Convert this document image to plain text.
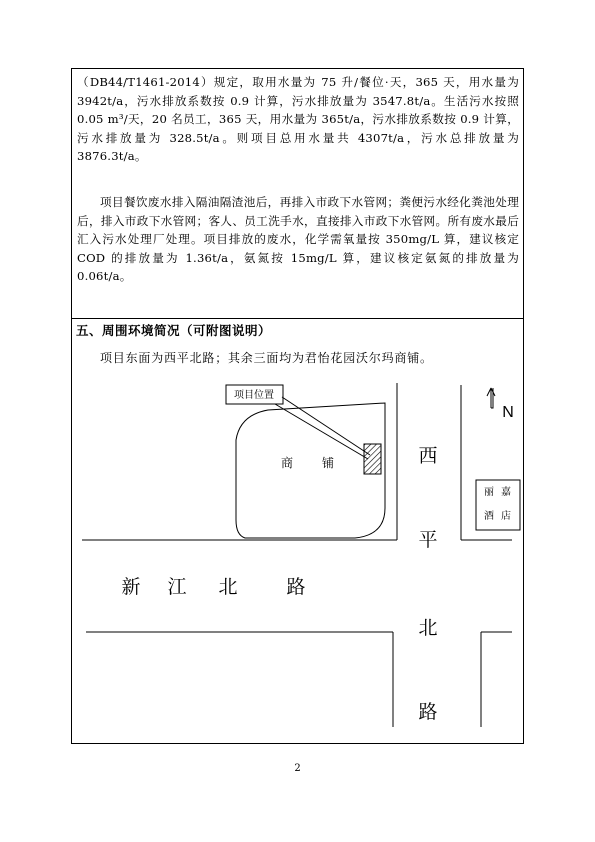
（DB44/T1461-2014）规定，取用水量为 75 升/餐位·天，365 天，用水量为 3942t/a，污水排放系数按 0.9 计算，污水排放量为 3547.8t/a。生活污水按照 0.05 m³/天，20 名员工，365 天，用水量为 365t/a，污水排放系数按 0.9 计算，污水排放量为 328.5t/a。则项目总用水量共 4307t/a，污水总排放量为 3876.3t/a。
项目餐饮废水排入隔油隔渣池后，再排入市政下水管网；粪便污水经化粪池处理后，排入市政下水管网；客人、员工洗手水，直接排入市政下水管网。所有废水最后汇入污水处理厂处理。项目排放的废水，化学需氧量按 350mg/L 算，建议核定 COD 的排放量为 1.36t/a，氨氮按 15mg/L 算，建议核定氨氮的排放量为 0.06t/a。
五、周围环境简况（可附图说明）
项目东面为西平北路；其余三面均为君怡花园沃尔玛商铺。
项目位置
商 铺	西
平
北
路
新 江 北	路
丽 嘉
酒 店
N
2
